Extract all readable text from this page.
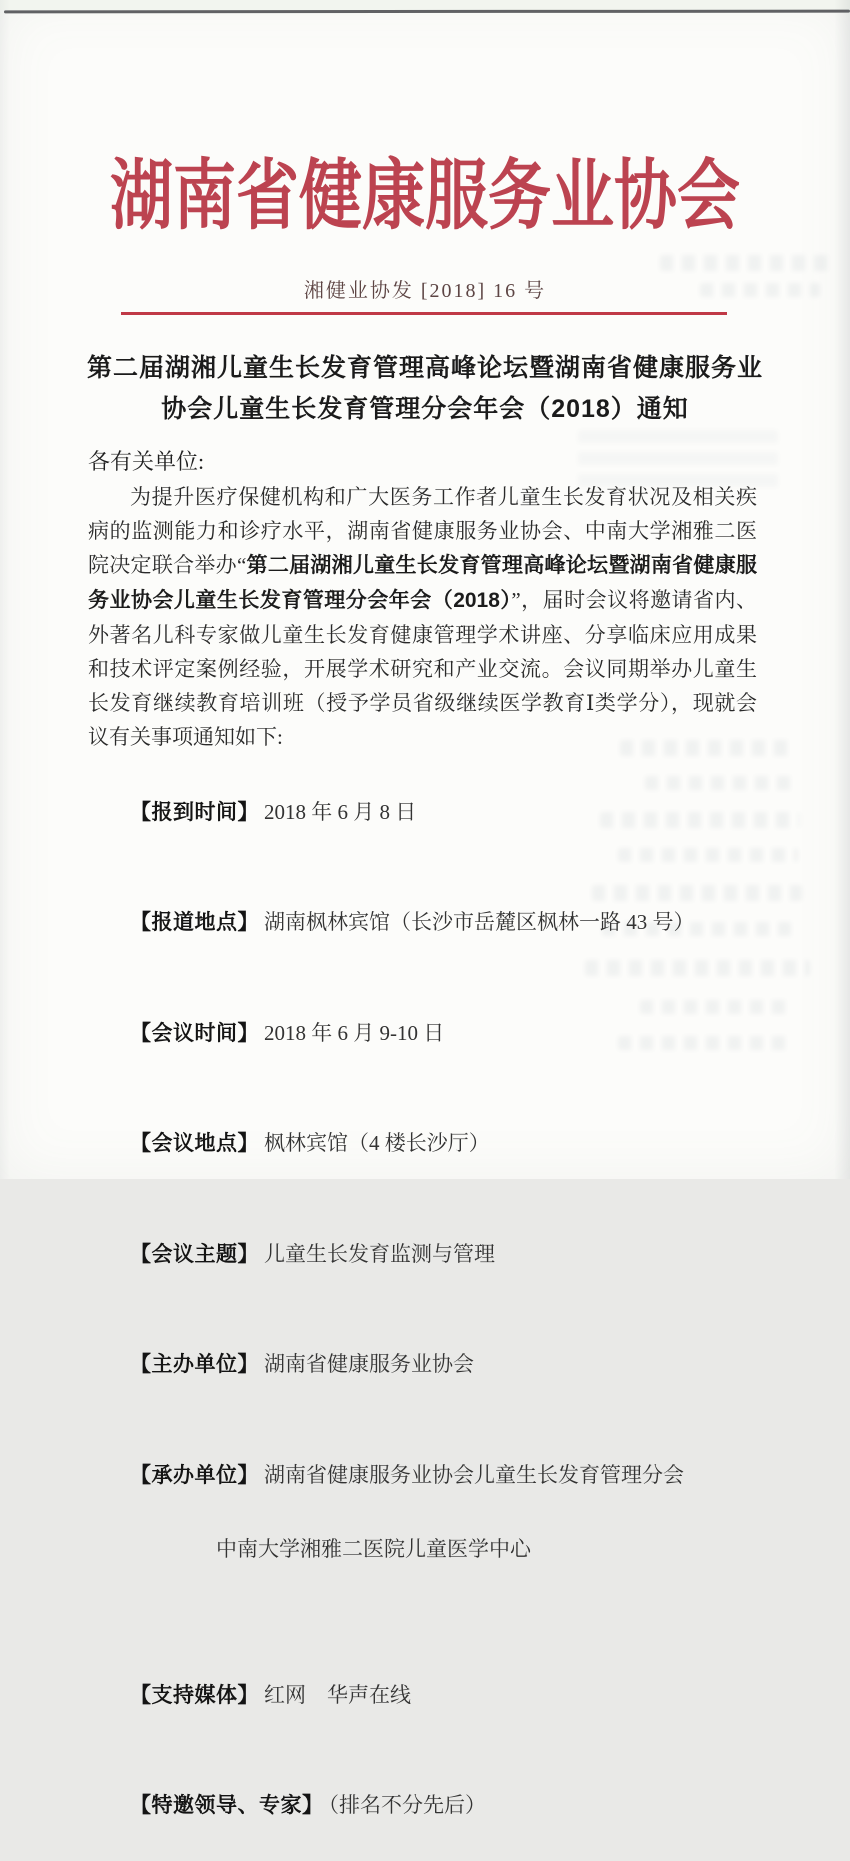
湖南省健康服务业协会
湘健业协发 [2018] 16 号
第二届湖湘儿童生长发育管理高峰论坛暨湖南省健康服务业
协会儿童生长发育管理分会年会（2018）通知
各有关单位:

为提升医疗保健机构和广大医务工作者儿童生长发育状况及相关疾病的监测能力和诊疗水平，湖南省健康服务业协会、中南大学湘雅二医院决定联合举办“第二届湖湘儿童生长发育管理高峰论坛暨湖南省健康服务业协会儿童生长发育管理分会年会（2018）”，届时会议将邀请省内、外著名儿科专家做儿童生长发育健康管理学术讲座、分享临床应用成果和技术评定案例经验，开展学术研究和产业交流。会议同期举办儿童生长发育继续教育培训班（授予学员省级继续医学教育Ⅰ类学分），现就会议有关事项通知如下:

【报到时间】 2018 年 6 月 8 日

【报道地点】 湖南枫林宾馆（长沙市岳麓区枫林一路 43 号）

【会议时间】 2018 年 6 月 9-10 日

【会议地点】 枫林宾馆（4 楼长沙厅）

【会议主题】 儿童生长发育监测与管理

【主办单位】 湖南省健康服务业协会

【承办单位】 湖南省健康服务业协会儿童生长发育管理分会

中南大学湘雅二医院儿童医学中心

【支持媒体】 红网　华声在线

【特邀领导、专家】 （排名不分先后）
